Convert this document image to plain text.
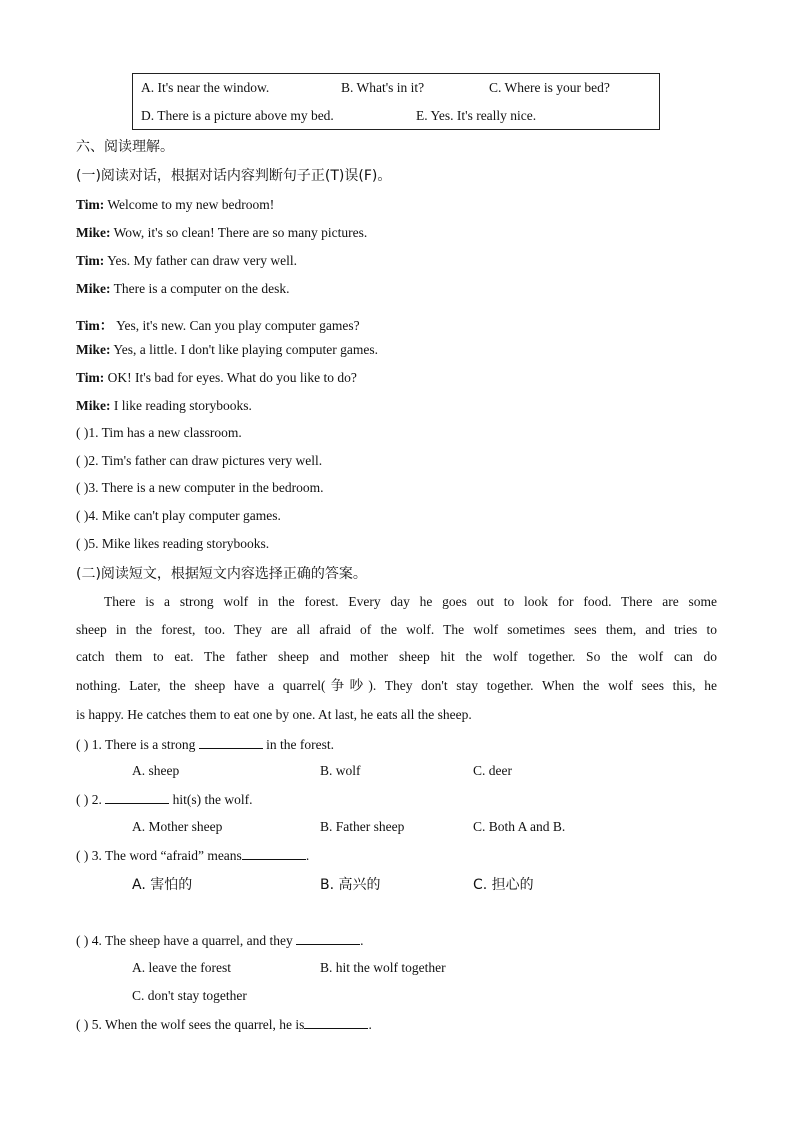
A. It's near the window.	B. What's in it?	C. Where is your bed?
D. There is a picture above my bed.	E. Yes. It's really nice.
六、阅读理解。
(一)阅读对话，根据对话内容判断句子正(T)误(F)。
Tim: Welcome to my new bedroom!
Mike: Wow, it's so clean! There are so many pictures.
Tim: Yes. My father can draw very well.
Mike: There is a computer on the desk.
Tim： Yes, it's new. Can you play computer games?
Mike: Yes, a little. I don't like playing computer games.
Tim: OK! It's bad for eyes. What do you like to do?
Mike: I like reading storybooks.
( )1. Tim has a new classroom.
( )2. Tim's father can draw pictures very well.
( )3. There is a new computer in the bedroom.
( )4. Mike can't play computer games.
( )5. Mike likes reading storybooks.
(二)阅读短文，根据短文内容选择正确的答案。
There is a strong wolf in the forest. Every day he goes out to look for food. There are some
sheep in the forest, too. They are all afraid of the wolf. The wolf sometimes sees them, and tries to
catch them to eat. The father sheep and mother sheep hit the wolf together. So the wolf can do
nothing. Later, the sheep have a quarrel(争吵). They don't stay together. When the wolf sees this, he
is happy. He catches them to eat one by one. At last, he eats all the sheep.
( ) 1. There is a strong	in the forest.
A. sheep	B. wolf	C. deer
( ) 2.	hit(s) the wolf.
A. Mother sheep	B. Father sheep	C. Both A and B.
( ) 3. The word “afraid” means	.
A. 害怕的	B. 高兴的	C. 担心的
( ) 4. The sheep have a quarrel, and they	.
A. leave the forest	B. hit the wolf together
C. don't stay together
( ) 5. When the wolf sees the quarrel, he is	.
